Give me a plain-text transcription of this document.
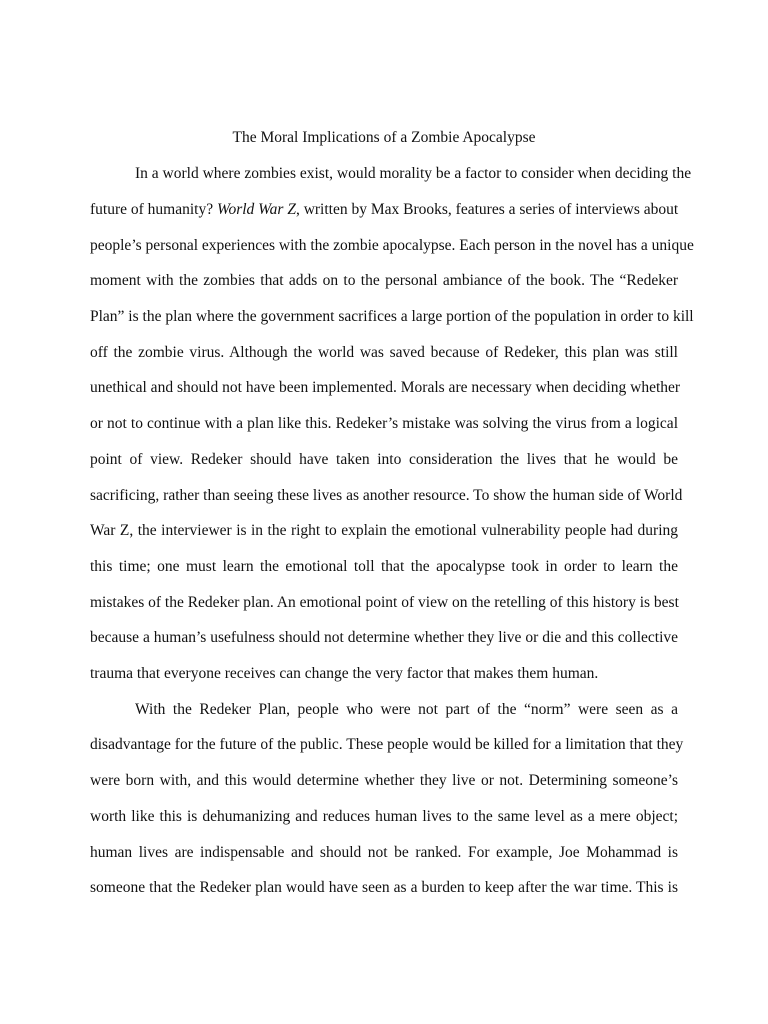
The Moral Implications of a Zombie Apocalypse
In a world where zombies exist, would morality be a factor to consider when deciding the
future of humanity? World War Z, written by Max Brooks, features a series of interviews about
people’s personal experiences with the zombie apocalypse. Each person in the novel has a unique
moment with the zombies that adds on to the personal ambiance of the book. The “Redeker
Plan” is the plan where the government sacrifices a large portion of the population in order to kill
off the zombie virus. Although the world was saved because of Redeker, this plan was still
unethical and should not have been implemented. Morals are necessary when deciding whether
or not to continue with a plan like this. Redeker’s mistake was solving the virus from a logical
point of view. Redeker should have taken into consideration the lives that he would be
sacrificing, rather than seeing these lives as another resource. To show the human side of World
War Z, the interviewer is in the right to explain the emotional vulnerability people had during
this time; one must learn the emotional toll that the apocalypse took in order to learn the
mistakes of the Redeker plan. An emotional point of view on the retelling of this history is best
because a human’s usefulness should not determine whether they live or die and this collective
trauma that everyone receives can change the very factor that makes them human.
With the Redeker Plan, people who were not part of the “norm” were seen as a
disadvantage for the future of the public. These people would be killed for a limitation that they
were born with, and this would determine whether they live or not. Determining someone’s
worth like this is dehumanizing and reduces human lives to the same level as a mere object;
human lives are indispensable and should not be ranked. For example, Joe Mohammad is
someone that the Redeker plan would have seen as a burden to keep after the war time. This is
